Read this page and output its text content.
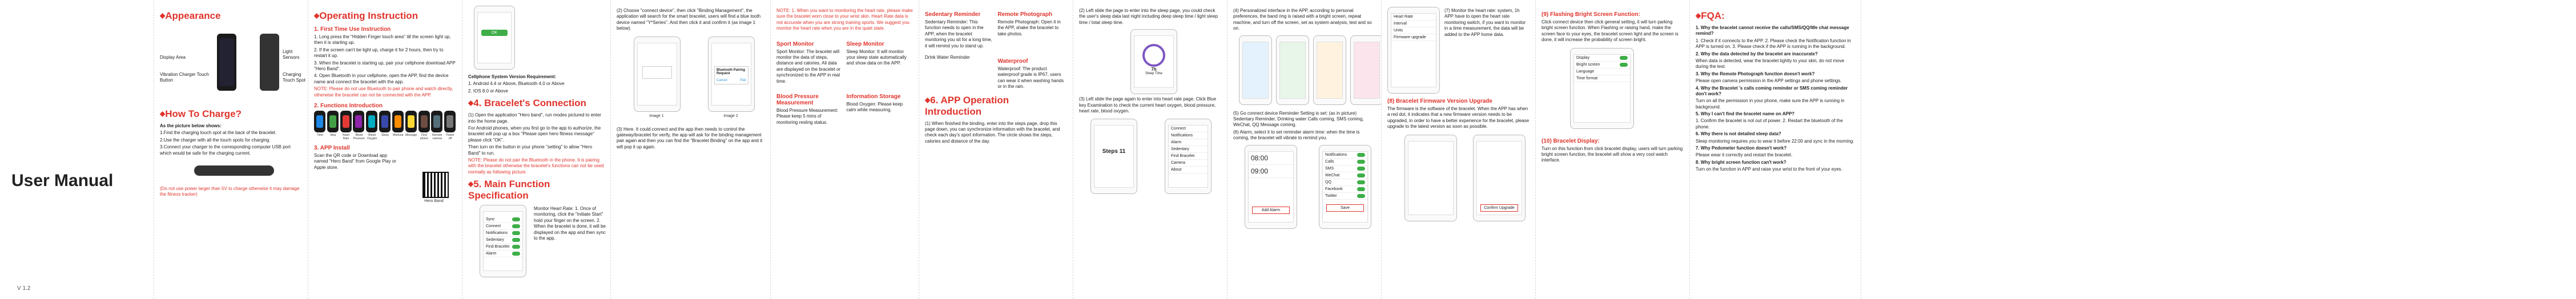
User Manual
V 1.2
◆ Appearance
Display Area
Vibration Charger Touch Button
Light Sensors
Charging Touch Spot
◆ How To Charge?
As the picture below shows:
1.Find the charging touch spot at the back of the bracelet.
2.Use the charger with all the touch spots for charging.
3.Connect your charger to the corresponding computer USB port which would be safe for the charging current.
(Do not use power larger than 5V to charge otherwise it may damage the fitness tracker)
◆ Operating Instruction
1. First Time Use Instruction
1. Long press the "Hidden Finger touch area" till the screen light up, then it is starting up.
2. If the screen can't be light up, charge it for 2 hours, then try to restart it up.
3. When the bracelet is starting up, pair your cellphone download APP "Hero Band".
4. Open Bluetooth in your cellphone, open the APP, find the device name and connect the bracelet with the app.
NOTE: Please do not use Bluetooth to pair phone and watch directly, otherwise the bracelet can not be connected with the APP.
2. Functions Introduction
Time	Step	Heart Rate
Blood Pressure
Blood Oxygen
Sleep	Workout Message	Find phone
Remote camera
Power off
3. APP Install
Scan the QR code or Download app named "Hero Band" from Google Play or Apple store.
Hero Band
OK
Cellphone System Version Requirement:
1. Android 4.4 or Above, Bluetooth 4.0 or Above
2. IOS 8.0 or Above
◆ 4. Bracelet's Connection
(1) Open the application "Hero band", run modes pictured to enter into the home page.
For Android phones, when you first go to the app to authorize, the bracelet will pop up a box "Please open hero fitness message" please click "OK".
Then turn on the button in your phone "setting" to allow "Hero Band" to run.
NOTE: Please do not pair the Bluetooth in the phone. It is pairing with the bracelet otherwise the bracelet's functions can not be used normally as following picture.
◆ 5. Main Function Specification
Sync
Connect
Notifications
Sedentary
Find Bracelet
Alarm
Monitor Heart Rate: 1. Once of monitoring, click the "Initiate Start" hold your finger on the screen. 2. When the bracelet is done, it will be displayed on the app and then sync to the app.
(2) Choose "connect device", then click "Binding Management", the application will search for the smart bracelet, users will find a blue tooth device named "Y*Series". And then click it and confirm it (as image 1 below).
Bluetooth Pairing Request
Cancel	Pair
Image 1	Image 2
(3) Here. It could connect and the app then needs to control the gateway/bracelet for verify, the app will ask for the binding management pair again and then you can find the "Bracelet Binding" on the app and it will pop it up again.
NOTE: 1. When you want to monitoring the heart rate, please make sure the bracelet worn close to your wrist skin. Heart Rate data is not accurate when you are strong training sports. We suggest you monitor the heart rate when you are in the quiet state.
Sport Monitor
Sport Monitor: The bracelet will monitor the data of steps, distance and calories. All data are displayed on the bracelet or synchronized to the APP in real time.
Sleep Monitor
Sleep Monitor: It will monitor your sleep state automatically and show data on the APP.
Blood Pressure Measurement
Blood Pressure Measurement: Please keep 5 mins of monitoring resting status.
Information Storage
Blood Oxygen: Please keep calm while measuring.
Sedentary Reminder
Sedentary Reminder: This function needs to open in the APP, when the bracelet monitoring you sit for a long time, it will remind you to stand up.
Remote Photograph
Remote Photograph: Open it in the APP, shake the bracelet to take photos.
Drink Water Reminder
Waterproof
Waterproof: The product waterproof grade is IP67, users can wear it when washing hands or in the rain.
◆ 6. APP Operation Introduction
(1) When finished the binding, enter into the steps page, drop this page down, you can synchronize information with the bracelet, and check each day's sport information. The circle shows the steps, calories and distance of the day.
(2) Left slide the page to enter into the sleep page, you could check the user's sleep data last night including deep sleep time / light sleep time / total sleep time.
7h
Sleep Time
(3) Left slide the page again to enter into heart rate page. Click Blue key Examination to check the current heart oxygen, blood pressure, heart rate, blood oxygen.
Steps 11
Connect
Notifications
Alarm
Sedentary
Find Bracelet
Camera
About
(4) Personalized interface in the APP, according to personal preferences, the band ring is raised with a bright screen, repeat machine, and turn off the screen, set as system analysis, test and so on.
(5) Go connect device Reminder Setting is set: (as in picture) Sedentary Reminder, Drinking water Calls coming, SMS coming, WeChat, QQ Message coming.
(6) Alarm, select it to set reminder alarm time: when the time is coming, the bracelet will vibrate to remind you.
08:00
09:00
Add Alarm
Notifications
Calls
SMS
WeChat
QQ
Facebook
Twitter
Save
Heart Rate
Interval
Units
Firmware upgrade
(7) Monitor the heart rate: system, 1h APP have to open the heart rate monitoring switch, if you want to monitor in a time measurement, the data will be added to the APP home data.
(8) Bracelet Firmware Version Upgrade
The firmware is the software of the bracelet. When the APP has when a red dot, it indicates that a new firmware version needs to be upgraded, in order to have a better experience for the bracelet, please upgrade to the latest version as soon as possible.
Confirm Upgrade
(9) Flashing Bright Screen Function:
Click connect device then click general setting, it will turn parking bright screen function. When Flashing or raising hand, make the screen face to your eyes, the bracelet screen light and the screen is done, it will increase the probability of screen bright.
Display
Bright screen
Language
Time format
(10) Bracelet Display:
Turn on this function from click bracelet display, users will turn parking bright screen function, the bracelet will show a very cool watch interface.
◆ FQA:
1. Why the bracelet cannot receive the calls/SMS/QQ/We chat message remind?
1. Check if it connects to the APP. 2. Please check the Notification function in APP is turned on. 3. Please check if the APP is running in the background.
2. Why the data detected by the bracelet are inaccurate?
When data is detected, wear the bracelet tightly to your skin, do not move during the test.
3. Why the Remote Photograph function doesn't work?
Please open camera permission in the APP settings and phone settings.
4. Why the Bracelet 's calls coming reminder or SMS coming reminder don't work?
Turn on all the permission in your phone, make sure the APP is running in background.
5. Why I can't find the bracelet name on APP?
1. Confirm the bracelet is not out of power. 2. Restart the bluetooth of the phone.
6. Why there is not detailed sleep data?
Sleep monitoring requires you to wear it before 22:00 and sync in the morning.
7. Why Pedometer function doesn't work?
Please wear it correctly and restart the bracelet.
8. Why bright screen function can't work?
Turn on the function in APP and raise your wrist to the front of your eyes.
